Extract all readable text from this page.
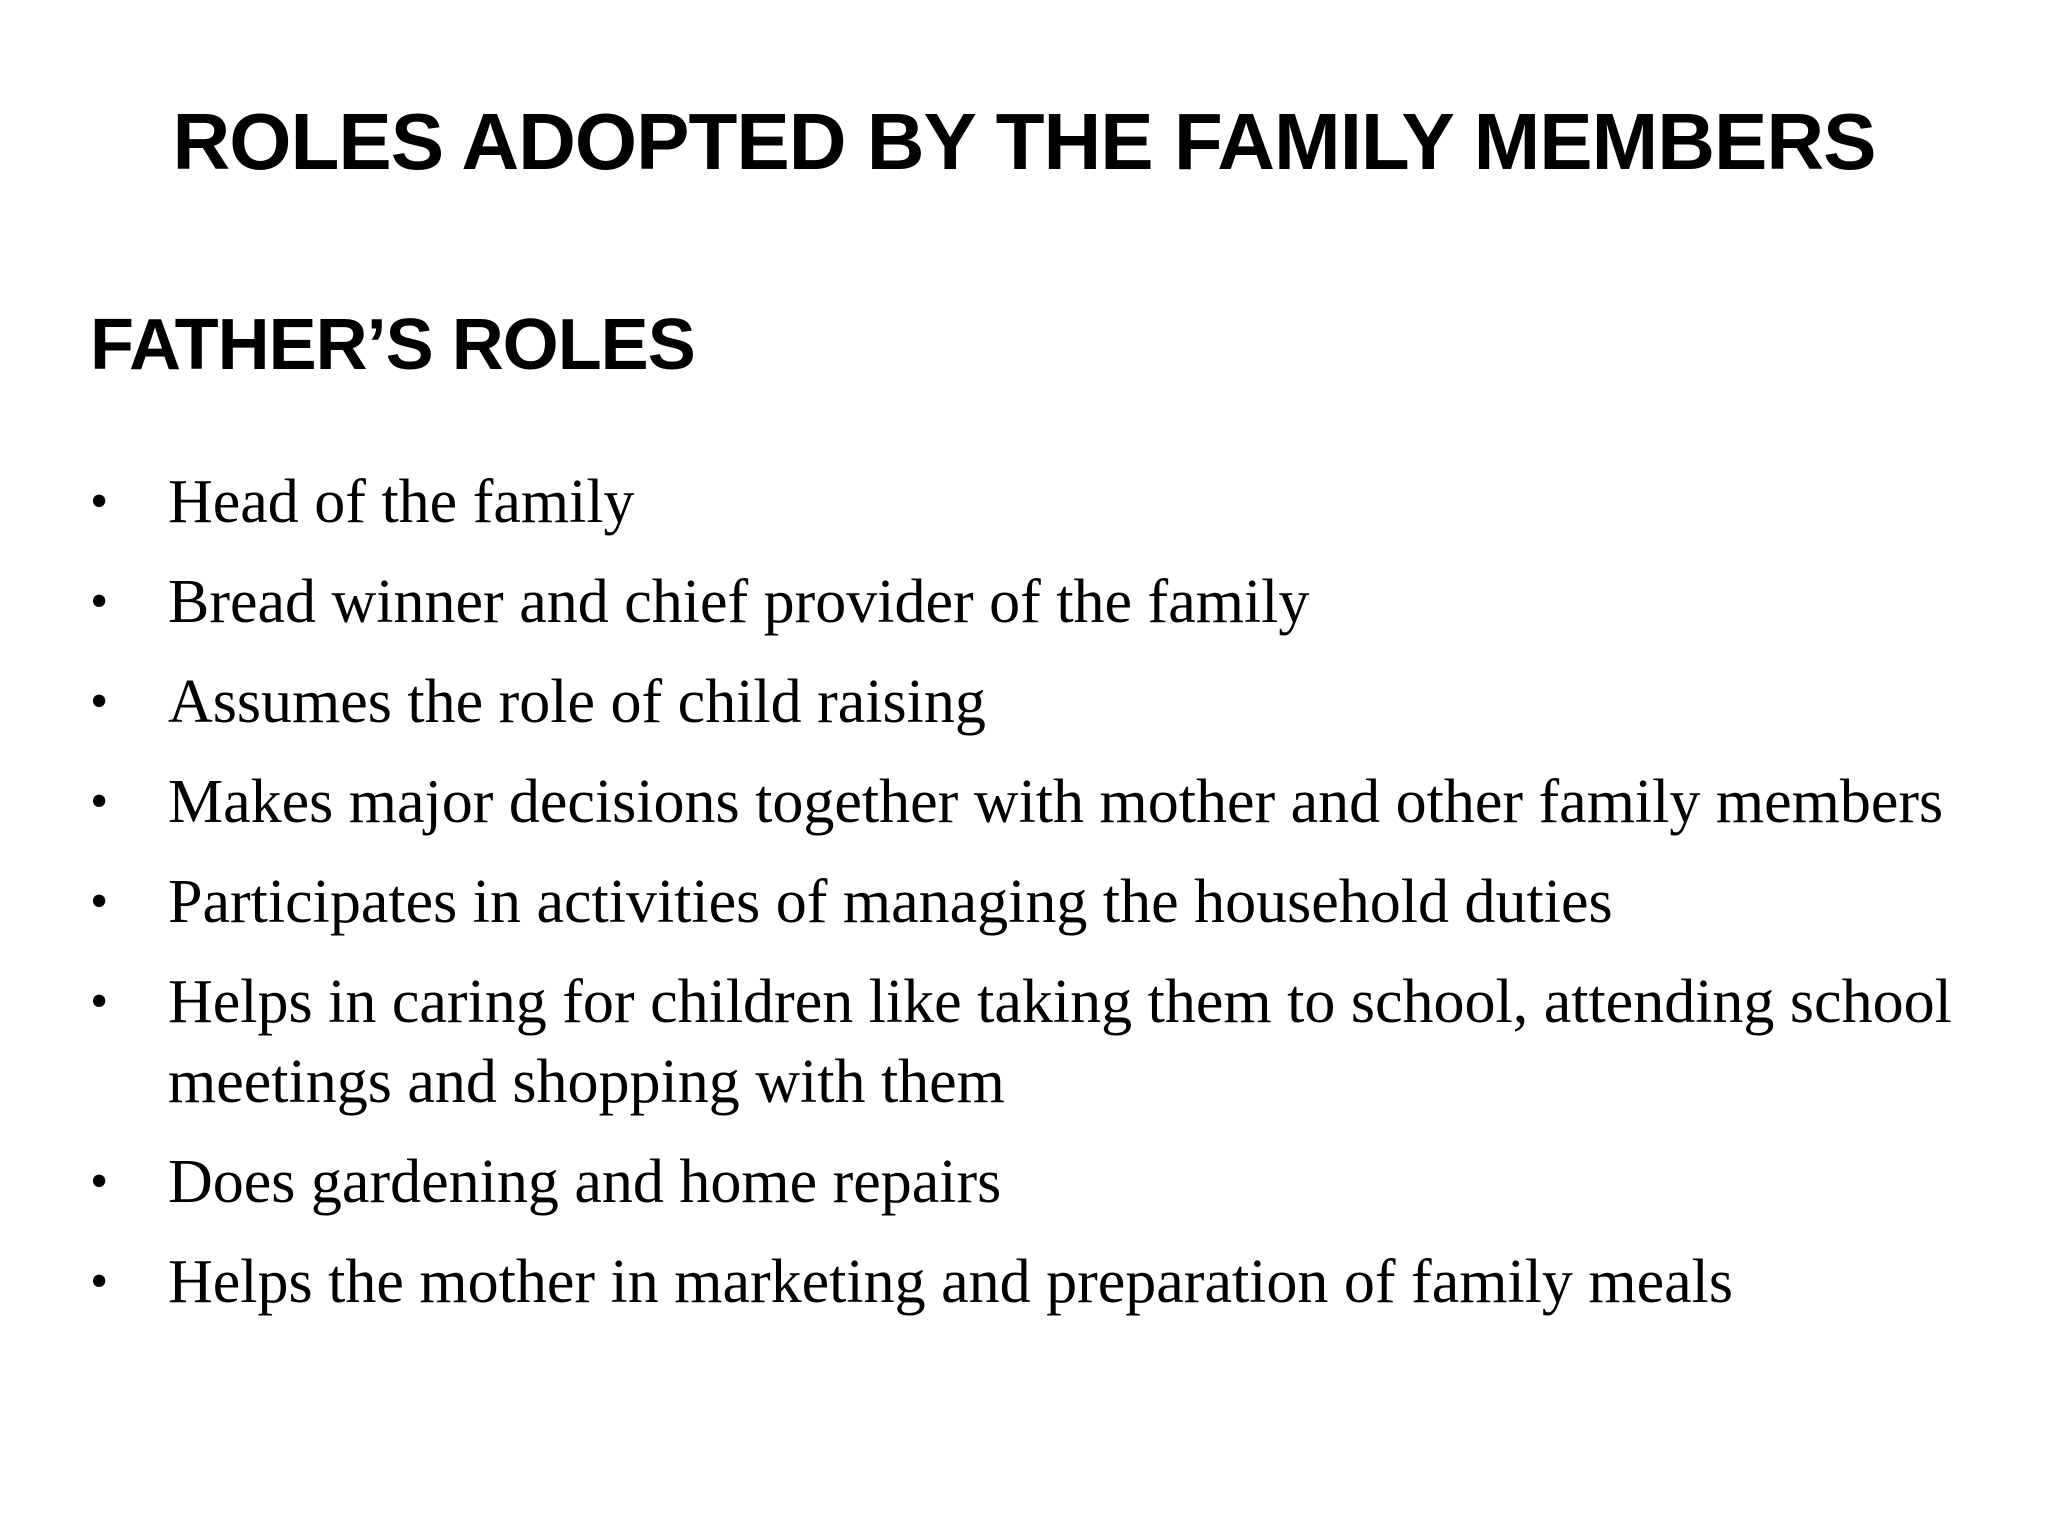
ROLES ADOPTED BY THE FAMILY MEMBERS
FATHER’S ROLES
• Head of the family
• Bread winner and chief provider of the family
• Assumes the role of child raising
• Makes major decisions together with mother and other family members
• Participates in activities of managing the household duties
• Helps in caring for children like taking them to school, attending school meetings and shopping with them
• Does gardening and home repairs
• Helps the mother in marketing and preparation of family meals
